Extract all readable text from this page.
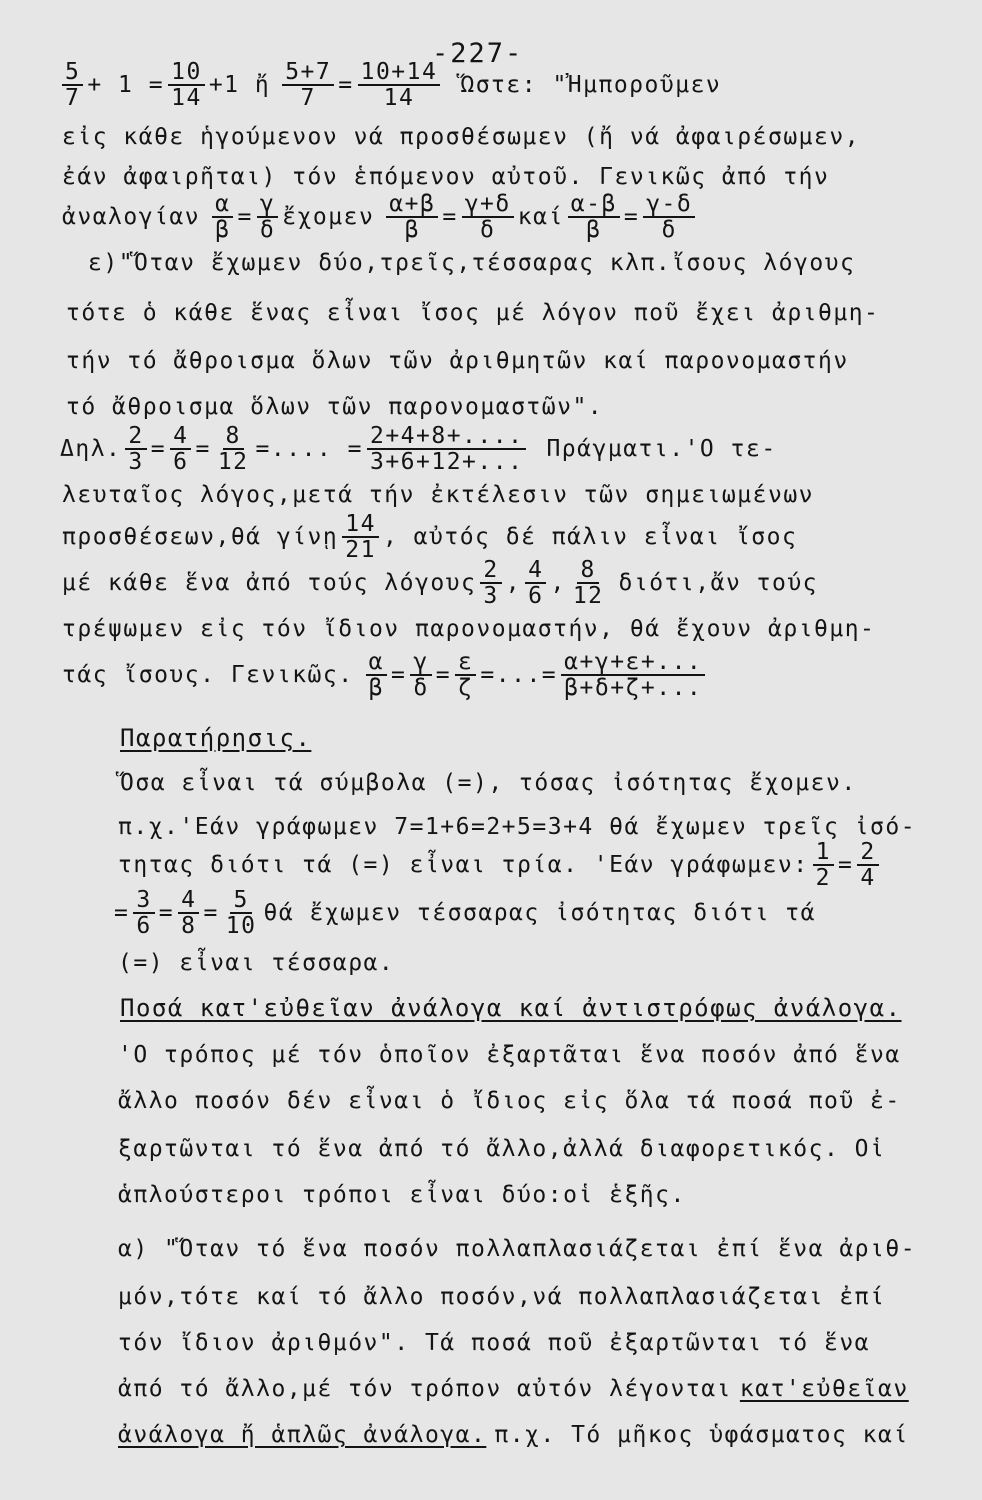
-227-
$\frac{5}{7} + 1 = \frac{10}{14} +1$ ἤ $\frac{5+7}{7} = \frac{10+14}{14}$ Ὥστε: "Ἠμποροῦμεν
εἰς κάθε ἡγούμενον νά προσθέσωμεν (ἤ νά ἀφαιρέσωμεν,
ἐάν ἀφαιρῆται) τόν ἑπόμενον αὐτοῦ. Γενικῶς ἀπό τήν
ἀναλογίαν $\frac{\alpha}{\beta} = \frac{\gamma}{\delta}$ ἔχομεν $\frac{\alpha+\beta}{\beta} = \frac{\gamma+\delta}{\delta}$ καί $\frac{\alpha-\beta}{\beta} = \frac{\gamma-\delta}{\delta}$
ε)"Ὅταν ἔχωμεν δύο,τρεῖς,τέσσαρας κλπ.ἴσους λόγους
τότε ὁ κάθε ἕνας εἶναι ἴσος μέ λόγον ποῦ ἔχει ἀριθμη-
τήν τό ἄθροισμα ὅλων τῶν ἀριθμητῶν καί παρονομαστήν
τό ἄθροισμα ὅλων τῶν παρονομαστῶν".
Δηλ. $\frac{2}{3} = \frac{4}{6} = \frac{8}{12}$ =.... = $\frac{2+4+8+....}{3+6+12+...} \Pi\rho ά\gamma\mu\alpha\tau\iota.'O$ τε-
λευταῖος λόγος,μετά τήν ἐκτέλεσιν τῶν σημειωμένων
προσθέσεων,θά γίνῃ $\frac{14}{21}$ , αὐτός δέ πάλιν εἶναι ἴσος
μέ κάθε ἕνα ἀπό τούς λόγους $\frac{2}{3}$ , $\frac{4}{6}$ , $\frac{8}{12}$ διότι,ἄν τούς
τρέψωμεν εἰς τόν ἴδιον παρονομαστήν, θά ἔχουν ἀριθμη-
τάς ἴσους. Γενικῶς. $\frac{\alpha}{\beta} = \frac{\gamma}{\delta} = \frac{\varepsilon}{\zeta}$ =...= $\frac{\alpha+\gamma+\varepsilon+...}{\beta+\delta+\zeta+...}$
Παρατήρησις.
Ὅσα εἶναι τά σύμβολα (=), τόσας ἰσότητας ἔχομεν.
π.χ.'Εάν γράφωμεν 7=1+6=2+5=3+4 θά ἔχωμεν τρεῖς ἰσό-
τητας διότι τά (=) εἶναι τρία. 'Εάν γράφωμεν: $\frac{1}{2} = \frac{2}{4}$
= $\frac{3}{6} = \frac{4}{8} = \frac{5}{10}$ θά ἔχωμεν τέσσαρας ἰσότητας διότι τά
(=) εἶναι τέσσαρα.
Ποσά κατ'εὐθεῖαν ἀνάλογα καί ἀντιστρόφως ἀνάλογα.
'Ο τρόπος μέ τόν ὁποῖον ἐξαρτᾶται ἕνα ποσόν ἀπό ἕνα
ἄλλο ποσόν δέν εἶναι ὁ ἴδιος εἰς ὅλα τά ποσά ποῦ ἐ-
ξαρτῶνται τό ἕνα ἀπό τό ἄλλο,ἀλλά διαφορετικός. Οἱ
ἁπλούστεροι τρόποι εἶναι δύο:οἱ ἑξῆς.
α) "Ὅταν τό ἕνα ποσόν πολλαπλασιάζεται ἐπί ἕνα ἀριθ-
μόν,τότε καί τό ἄλλο ποσόν,νά πολλαπλασιάζεται ἐπί
τόν ἴδιον ἀριθμόν". Τά ποσά ποῦ ἐξαρτῶνται τό ἕνα
ἀπό τό ἄλλο,μέ τόν τρόπον αὐτόν λέγονται κατ'εὐθεῖαν
ἀνάλογα ἤ ἁπλῶς ἀνάλογα. π.χ. Τό μῆκος ὑφάσματος καί
